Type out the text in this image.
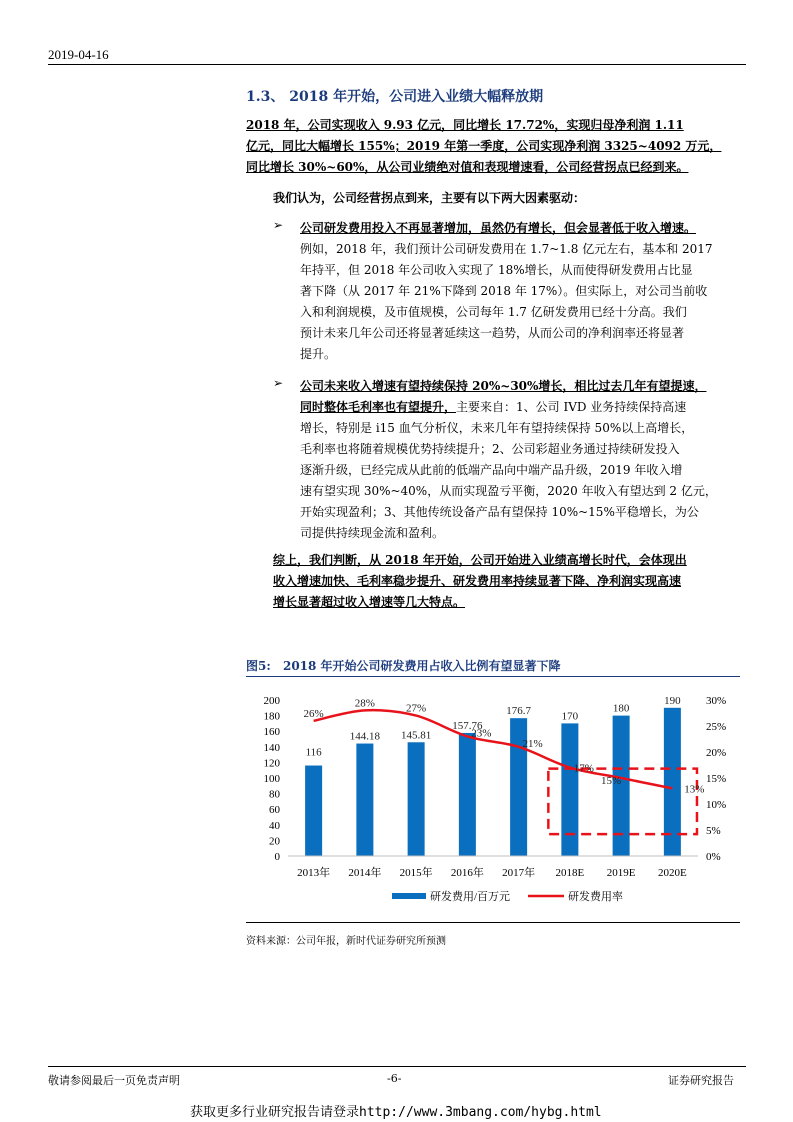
2019-04-16
1.3、 2018 年开始，公司进入业绩大幅释放期
2018 年，公司实现收入 9.93 亿元，同比增长 17.72%，实现归母净利润 1.11
亿元，同比大幅增长 155%；2019 年第一季度，公司实现净利润 3325~4092 万元，
同比增长 30%~60%，从公司业绩绝对值和表现增速看，公司经营拐点已经到来。
我们认为，公司经营拐点到来，主要有以下两大因素驱动：
➢ 公司研发费用投入不再显著增加，虽然仍有增长，但会显著低于收入增速。
例如，2018 年，我们预计公司研发费用在 1.7~1.8 亿元左右，基本和 2017
年持平，但 2018 年公司收入实现了 18%增长，从而使得研发费用占比显
著下降（从 2017 年 21%下降到 2018 年 17%）。但实际上，对公司当前收
入和利润规模，及市值规模，公司每年 1.7 亿研发费用已经十分高。我们
预计未来几年公司还将显著延续这一趋势，从而公司的净利润率还将显著
提升。
➢ 公司未来收入增速有望持续保持 20%~30%增长，相比过去几年有望提速，
同时整体毛利率也有望提升，主要来自：1、公司 IVD 业务持续保持高速
增长，特别是 i15 血气分析仪，未来几年有望持续保持 50%以上高增长，
毛利率也将随着规模优势持续提升；2、公司彩超业务通过持续研发投入
逐渐升级，已经完成从此前的低端产品向中端产品升级，2019 年收入增
速有望实现 30%~40%，从而实现盈亏平衡，2020 年收入有望达到 2 亿元，
开始实现盈利；3、其他传统设备产品有望保持 10%~15%平稳增长，为公
司提供持续现金流和盈利。
综上，我们判断，从 2018 年开始，公司开始进入业绩高增长时代，会体现出
收入增速加快、毛利率稳步提升、研发费用率持续显著下降、净利润实现高速
增长显著超过收入增速等几大特点。
图5: 2018 年开始公司研发费用占收入比例有望显著下降
116
144.18 145.81
157.76
176.7	170
180
190
26%
28%	27%
23%
21%
17%
15%
13%
0
20
40
60
80
100
120
140
160
180
200
0%
5%
10%
15%
20%
25%
30%
2013年 2014年 2015年 2016年 2017年 2018E 2019E 2020E
研发费用/百万元	研发费用率
资料来源：公司年报，新时代证券研究所预测
敬请参阅最后一页免责声明	-6-	证券研究报告
获取更多行业研究报告请登录http://www.3mbang.com/hybg.html
